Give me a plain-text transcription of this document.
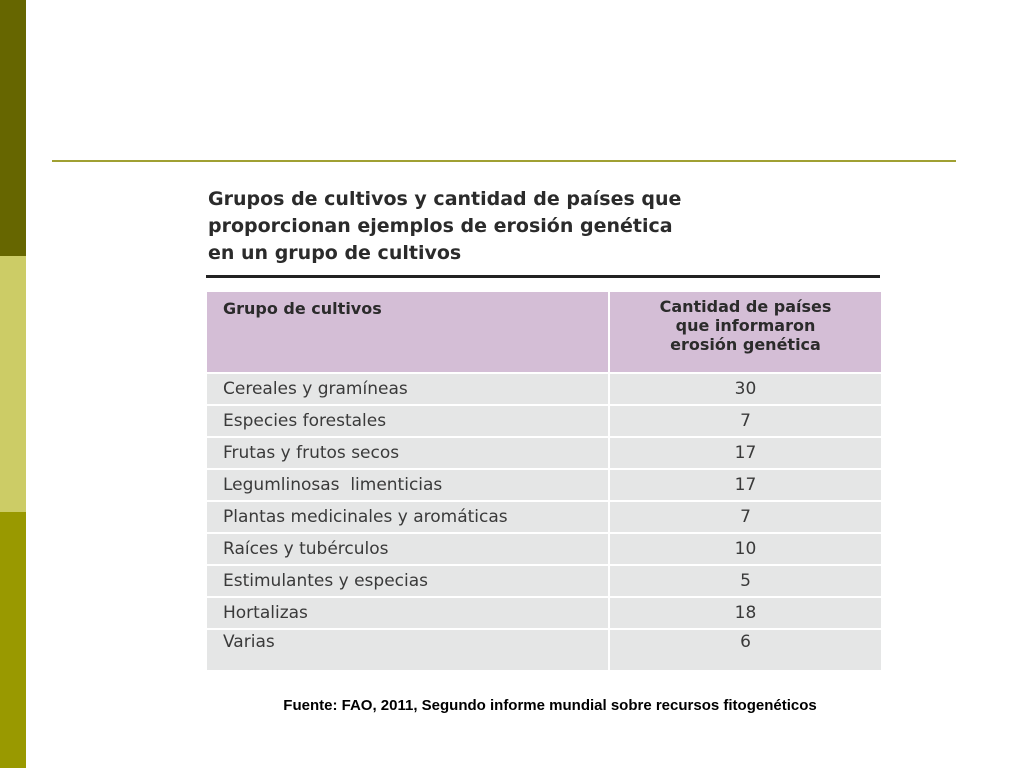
Grupos de cultivos y cantidad de países que
proporcionan ejemplos de erosión genética
en un grupo de cultivos
Grupo de cultivos	Cantidad de países
que informaron
erosión genética

Cereales y gramíneas	30
Especies forestales	7
Frutas y frutos secos	17
Legumlinosas  limenticias	17
Plantas medicinales y aromáticas	7
Raíces y tubérculos	10
Estimulantes y especias	5
Hortalizas	18
Varias	6
Fuente: FAO, 2011, Segundo informe mundial sobre recursos fitogenéticos
